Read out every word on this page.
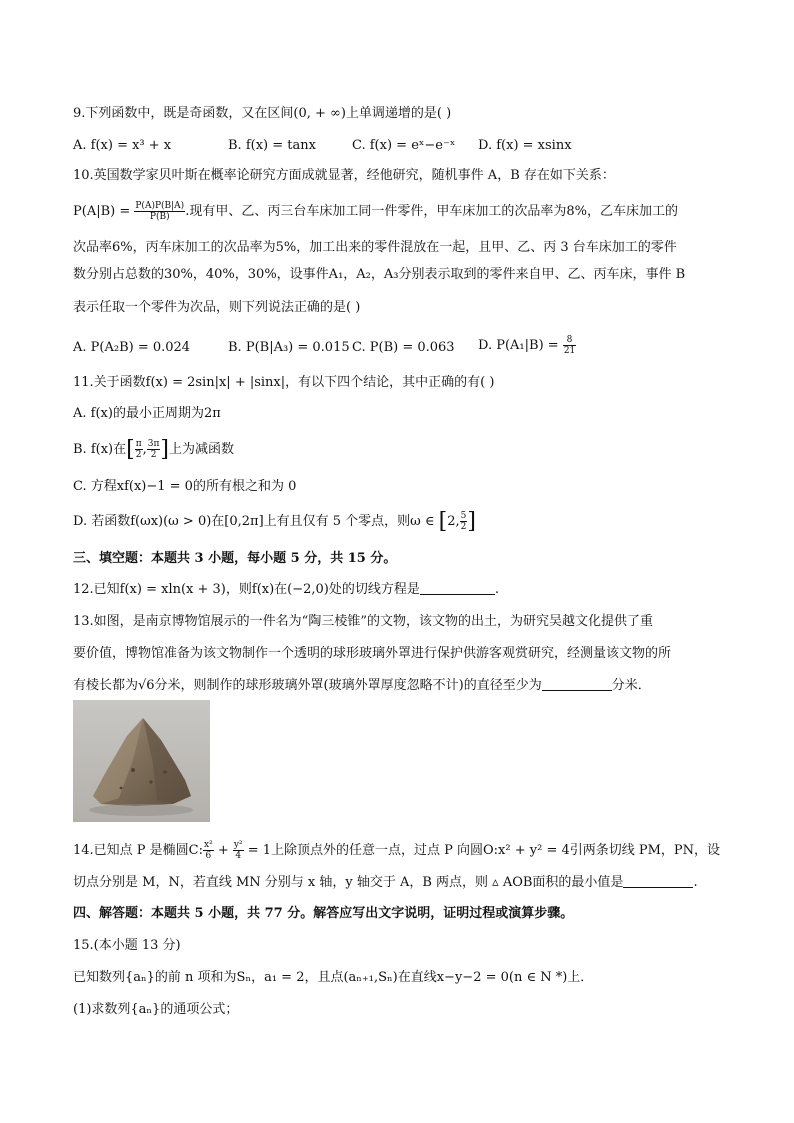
9.下列函数中，既是奇函数，又在区间(0, + ∞)上单调递增的是( )
A. f(x) = x³ + x	B. f(x) = tanx	C. f(x) = eˣ−e⁻ˣ D. f(x) = xsinx
10.英国数学家贝叶斯在概率论研究方面成就显著，经他研究，随机事件 A，B 存在如下关系：
$P(A|B) = \frac{P(A)P(B|A)}{P(B)}$ .现有甲、乙、丙三台车床加工同一件零件，甲车床加工的次品率为8%，乙车床加工的
次品率6%，丙车床加工的次品率为5%，加工出来的零件混放在一起，且甲、乙、丙 3 台车床加工的零件
数分别占总数的30%，40%，30%，设事件A₁，A₂，A₃分别表示取到的零件来自甲、乙、丙车床，事件 B
表示任取一个零件为次品，则下列说法正确的是( )
A. P(A₂B) = 0.024	B. P(B|A₃) = 0.015 C. P(B) = 0.063 D. $P(A_1|B) = \frac{8}{21}$
11.关于函数f(x) = 2sin|x| + |sinx|，有以下四个结论，其中正确的有( )
A. f(x)的最小正周期为2π
B. f(x)在[ $\frac{\pi}{2}$ , $\frac{3\pi}{2}$ ]上为减函数
C. 方程xf(x)−1 = 0的所有根之和为 0
D. 若函数f(ωx)(ω > 0)在[0,2π]上有且仅有 5 个零点，则ω ∈ [2, $\frac{5}{2}$ ]
三、填空题：本题共 3 小题，每小题 5 分，共 15 分。
12.已知f(x) = xln(x + 3)，则f(x)在(−2,0)处的切线方程是	.
13.如图，是南京博物馆展示的一件名为“陶三棱锥”的文物，该文物的出土，为研究吴越文化提供了重
要价值，博物馆准备为该文物制作一个透明的球形玻璃外罩进行保护供游客观赏研究，经测量该文物的所
有棱长都为√6分米，则制作的球形玻璃外罩(玻璃外罩厚度忽略不计)的直径至少为	分米．
14.已知点 P 是椭圆C: $\frac{\text{x²}}{6} + \frac{\text{y²}}{4} = 1$上除顶点外的任意一点，过点 P 向圆O:x² + y² = 4引两条切线 PM，PN，设
切点分别是 M，N，若直线 MN 分别与 x 轴，y 轴交于 A，B 两点，则 ▵ AOB面积的最小值是	.
四、解答题：本题共 5 小题，共 77 分。解答应写出文字说明，证明过程或演算步骤。
15.(本小题 13 分)
已知数列{aₙ}的前 n 项和为Sₙ，a₁ = 2，且点(aₙ₊₁,Sₙ)在直线x−y−2 = 0(n ∈ N *)上．
(1)求数列{aₙ}的通项公式；
